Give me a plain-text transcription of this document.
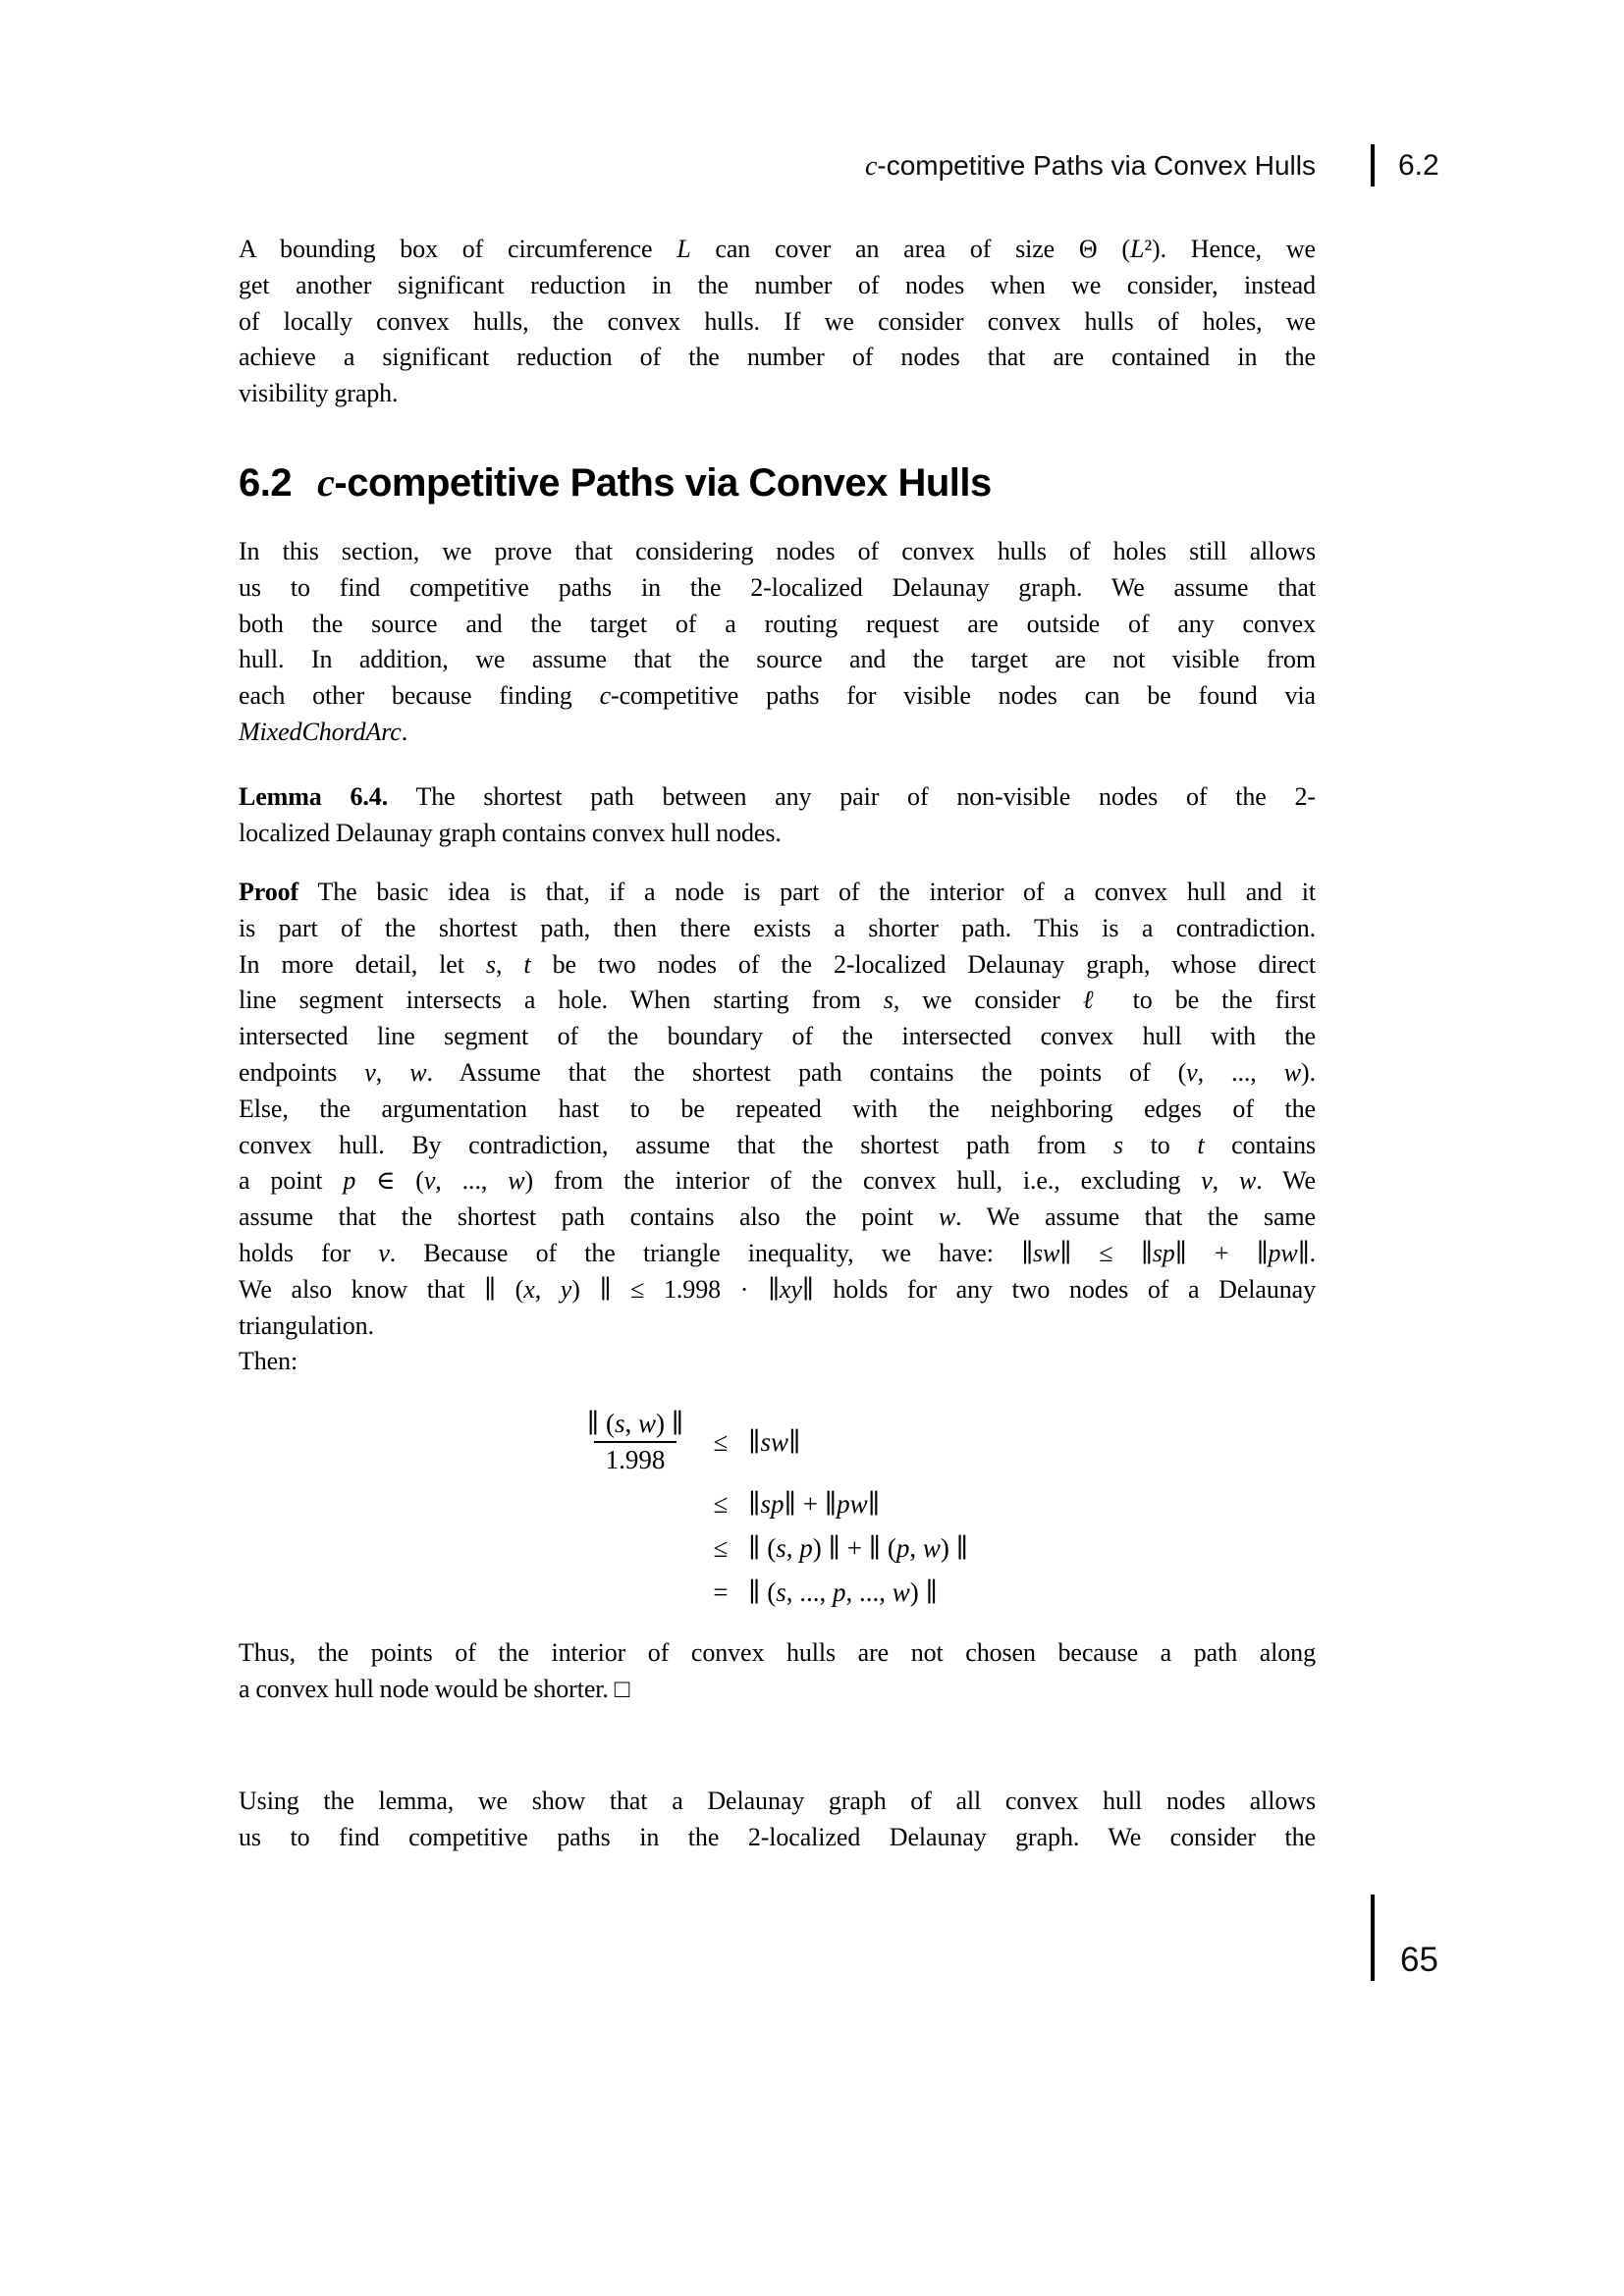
c-competitive Paths via Convex Hulls	6.2

A bounding box of circumference L can cover an area of size Θ (L²). Hence, we

get another significant reduction in the number of nodes when we consider, instead

of locally convex hulls, the convex hulls. If we consider convex hulls of holes, we

achieve a significant reduction of the number of nodes that are contained in the

visibility graph.

6.2 c-competitive Paths via Convex Hulls

In this section, we prove that considering nodes of convex hulls of holes still allows

us to find competitive paths in the 2-localized Delaunay graph. We assume that

both the source and the target of a routing request are outside of any convex

hull. In addition, we assume that the source and the target are not visible from

each other because finding c-competitive paths for visible nodes can be found via

MixedChordArc.

Lemma 6.4. The shortest path between any pair of non-visible nodes of the 2-

localized Delaunay graph contains convex hull nodes.

Proof The basic idea is that, if a node is part of the interior of a convex hull and it

is part of the shortest path, then there exists a shorter path. This is a contradiction.

In more detail, let s, t be two nodes of the 2-localized Delaunay graph, whose direct

line segment intersects a hole. When starting from s, we consider ℓ to be the first

intersected line segment of the boundary of the intersected convex hull with the

endpoints v, w. Assume that the shortest path contains the points of (v, ..., w).

Else, the argumentation hast to be repeated with the neighboring edges of the

convex hull. By contradiction, assume that the shortest path from s to t contains

a point p ∈ (v, ..., w) from the interior of the convex hull, i.e., excluding v, w. We

assume that the shortest path contains also the point w. We assume that the same

holds for v. Because of the triangle inequality, we have: ∥sw∥ ≤ ∥sp∥ + ∥pw∥.

We also know that ∥ (x, y) ∥ ≤ 1.998 · ∥xy∥ holds for any two nodes of a Delaunay

triangulation.

Then:

$\frac{\parallel (s, w) \parallel}{1.998}$	≤ ∥sw∥
≤ ∥sp∥ + ∥pw∥
≤ ∥ (s, p) ∥ + ∥ (p, w) ∥
= ∥ (s, ..., p, ..., w) ∥

Thus, the points of the interior of convex hulls are not chosen because a path along

a convex hull node would be shorter. □

Using the lemma, we show that a Delaunay graph of all convex hull nodes allows

us to find competitive paths in the 2-localized Delaunay graph. We consider the

65
